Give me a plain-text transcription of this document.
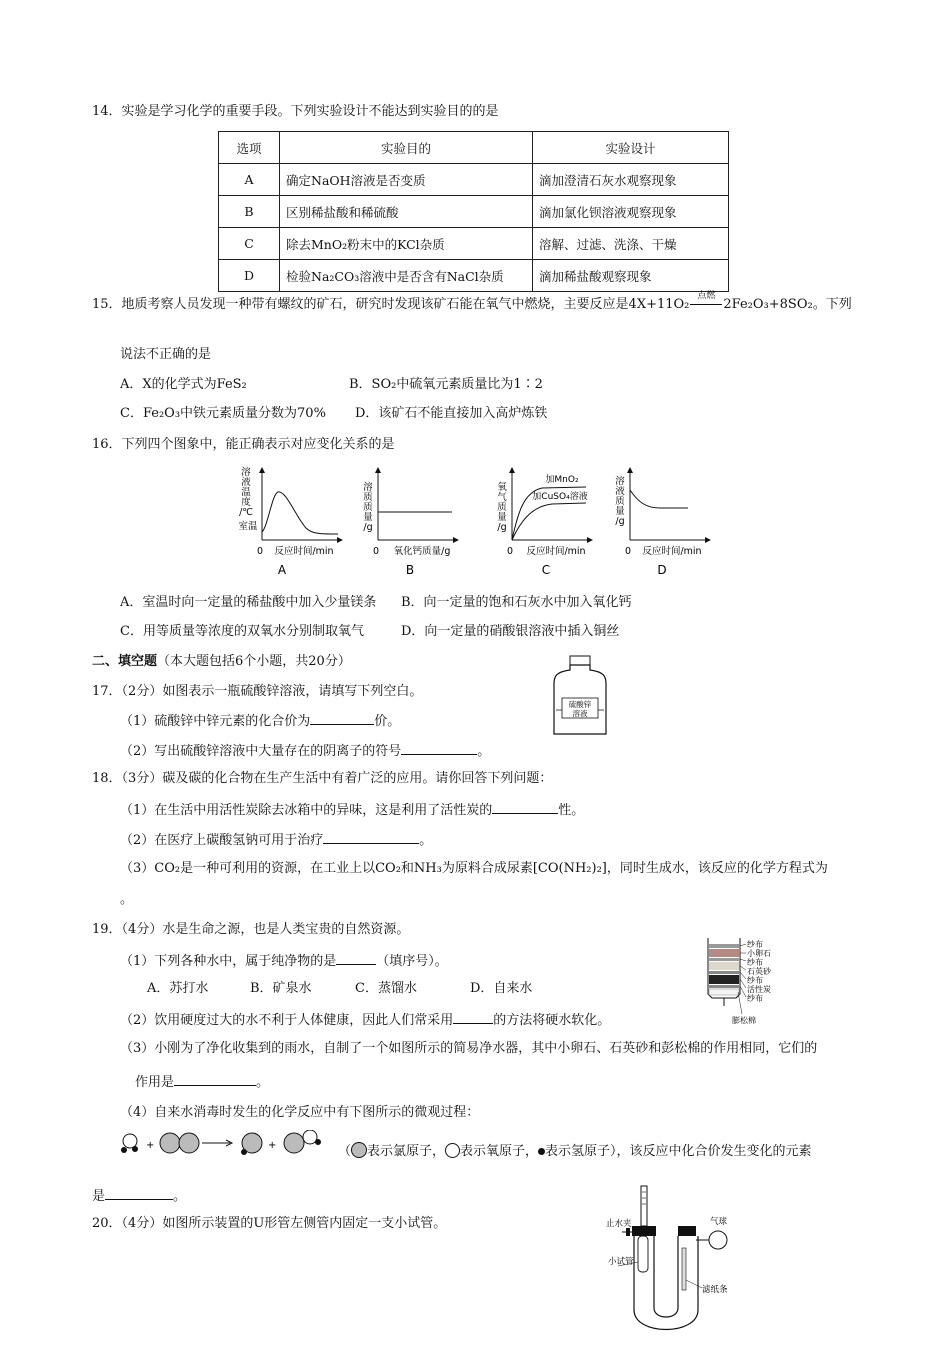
14．实验是学习化学的重要手段。下列实验设计不能达到实验目的的是
选项	实验目的	实验设计
A	确定NaOH溶液是否变质	滴加澄清石灰水观察现象
B	区别稀盐酸和稀硫酸	滴加氯化钡溶液观察现象
C	除去MnO₂粉末中的KCl杂质	溶解、过滤、洗涤、干燥
D	检验Na₂CO₃溶液中是否含有NaCl杂质	滴加稀盐酸观察现象
15．地质考察人员发现一种带有螺纹的矿石，研究时发现该矿石能在氧气中燃烧，主要反应是4X+11O₂
点燃
2Fe₂O₃+8SO₂。下列
说法不正确的是
A．X的化学式为FeS₂	B．SO₂中硫氧元素质量比为1∶2
C．Fe₂O₃中铁元素质量分数为70% D．该矿石不能直接加入高炉炼铁
16．下列四个图象中，能正确表示对应变化关系的是
溶
液
温
度
/℃
室温
0 反应时间/min
A
溶
质
质
量
/g
0 氧化钙质量/g
B
氧
气
质
量
/g
加MnO₂
加CuSO₄溶液
0 反应时间/min
C
溶
液
质
量
/g
0 反应时间/min
D
A．室温时向一定量的稀盐酸中加入少量镁条 B．向一定量的饱和石灰水中加入氧化钙
C．用等质量等浓度的双氧水分别制取氧气	D．向一定量的硝酸银溶液中插入铜丝
二、填空题（本大题包括6个小题，共20分）
17．（2分）如图表示一瓶硫酸锌溶液，请填写下列空白。
（1）硫酸锌中锌元素的化合价为	价。
（2）写出硫酸锌溶液中大量存在的阴离子的符号	。
硫酸锌
溶液
18．（3分）碳及碳的化合物在生产生活中有着广泛的应用。请你回答下列问题：
（1）在生活中用活性炭除去冰箱中的异味，这是利用了活性炭的	性。
（2）在医疗上碳酸氢钠可用于治疗	。
（3）CO₂是一种可利用的资源，在工业上以CO₂和NH₃为原料合成尿素[CO(NH₂)₂]，同时生成水，该反应的化学方程式为
。
19．（4分）水是生命之源，也是人类宝贵的自然资源。
（1）下列各种水中，属于纯净物的是	（填序号）。
A．苏打水	B．矿泉水	C．蒸馏水	D．自来水
（2）饮用硬度过大的水不利于人体健康，因此人们常采用	的方法将硬水软化。
（3）小刚为了净化收集到的雨水，自制了一个如图所示的简易净水器，其中小卵石、石英砂和彭松棉的作用相同，它们的
作用是	。
（4）自来水消毒时发生的化学反应中有下图所示的微观过程：
纱布
小卵石
纱布
石英砂
纱布
活性炭
纱布
膨松棉
+	+	（ 表示氯原子， 表示氧原子， 表示氢原子），该反应中化合价发生变化的元素
是	。
20．（4分）如图所示装置的U形管左侧管内固定一支小试管。	止水夹
小试管
气球
滤纸条
